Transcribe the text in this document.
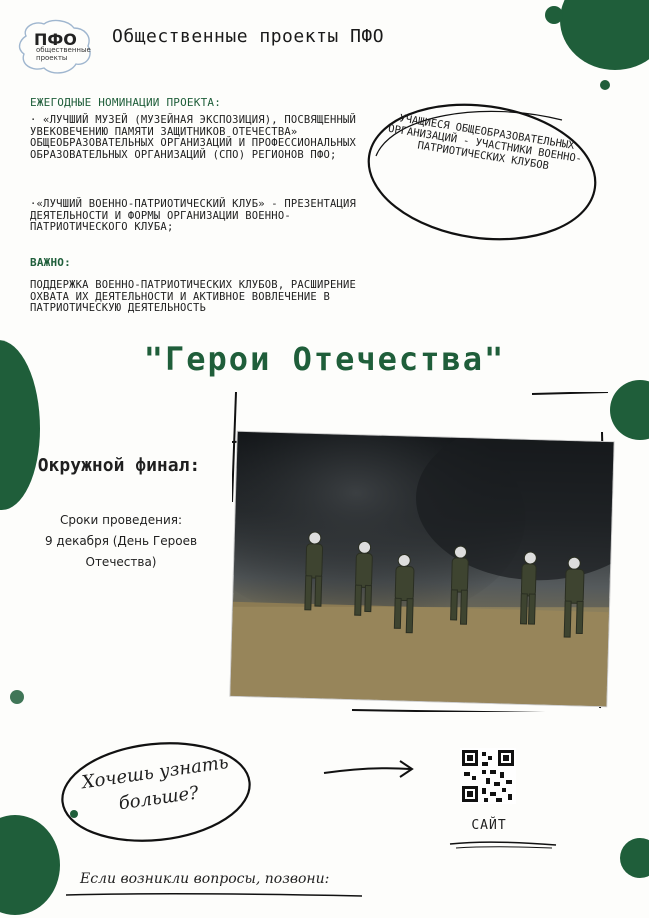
ПФО
общественные проекты
Общественные проекты ПФО
ЕЖЕГОДНЫЕ НОМИНАЦИИ ПРОЕКТА:
· «ЛУЧШИЙ МУЗЕЙ (МУЗЕЙНАЯ ЭКСПОЗИЦИЯ), ПОСВЯЩЕННЫЙ УВЕКОВЕЧЕНИЮ ПАМЯТИ ЗАЩИТНИКОВ ОТЕЧЕСТВА» ОБЩЕОБРАЗОВАТЕЛЬНЫХ ОРГАНИЗАЦИЙ И ПРОФЕССИОНАЛЬНЫХ ОБРАЗОВАТЕЛЬНЫХ ОРГАНИЗАЦИЙ (СПО) РЕГИОНОВ ПФО;
·«ЛУЧШИЙ ВОЕННО-ПАТРИОТИЧЕСКИЙ КЛУБ» - ПРЕЗЕНТАЦИЯ ДЕЯТЕЛЬНОСТИ И ФОРМЫ ОРГАНИЗАЦИИ ВОЕННО-ПАТРИОТИЧЕСКОГО КЛУБА;
ВАЖНО:
ПОДДЕРЖКА ВОЕННО-ПАТРИОТИЧЕСКИХ КЛУБОВ, РАСШИРЕНИЕ ОХВАТА ИХ ДЕЯТЕЛЬНОСТИ И АКТИВНОЕ ВОВЛЕЧЕНИЕ В ПАТРИОТИЧЕСКУЮ ДЕЯТЕЛЬНОСТЬ
УЧАЩИЕСЯ ОБЩЕОБРАЗОВАТЕЛЬНЫХ ОРГАНИЗАЦИЙ - УЧАСТНИКИ ВОЕННО-ПАТРИОТИЧЕСКИХ КЛУБОВ
"Герои Отечества"
Окружной финал:
Сроки проведения:
9 декабря (День Героев Отечества)
Хочешь узнать больше?
САЙТ
Если возникли вопросы, позвони:
